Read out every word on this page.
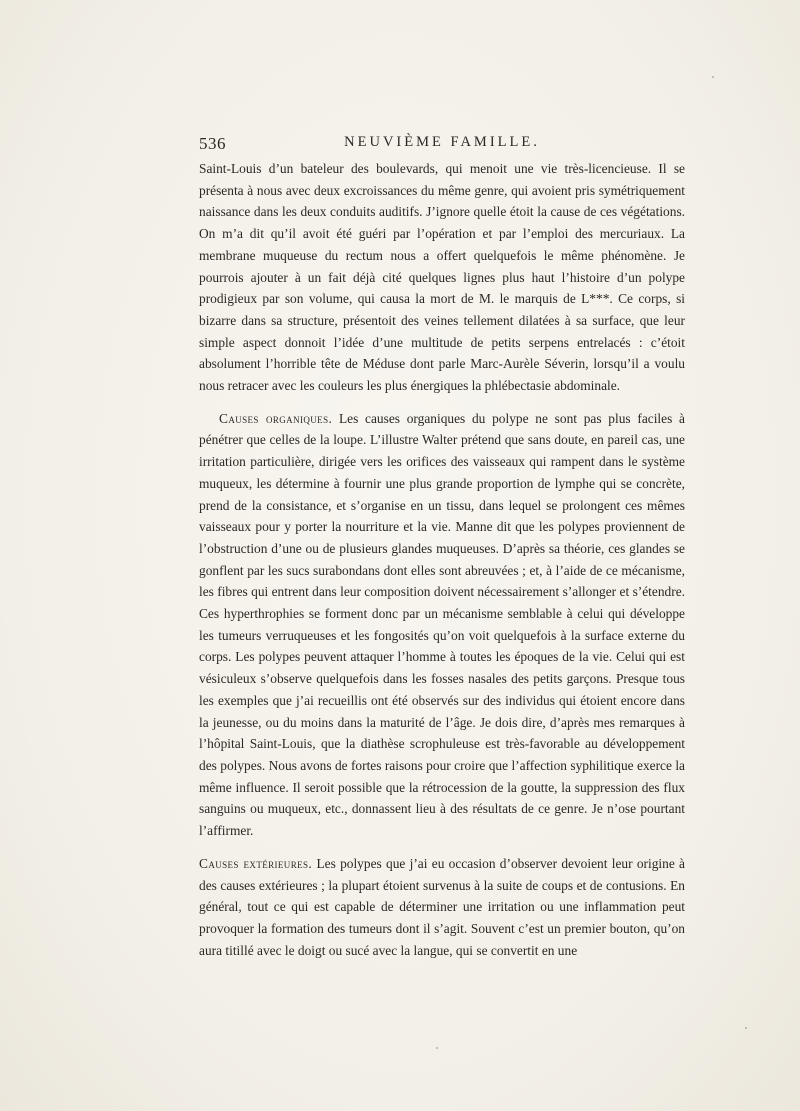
536	NEUVIÈME FAMILLE.

Saint-Louis d’un bateleur des boulevards, qui menoit une vie très-licencieuse. Il se présenta à nous avec deux excroissances du même genre, qui avoient pris symétriquement naissance dans les deux conduits auditifs. J’ignore quelle étoit la cause de ces végétations. On m’a dit qu’il avoit été guéri par l’opération et par l’emploi des mercuriaux. La membrane muqueuse du rectum nous a offert quelquefois le même phénomène. Je pourrois ajouter à un fait déjà cité quelques lignes plus haut l’histoire d’un polype prodigieux par son volume, qui causa la mort de M. le marquis de L***. Ce corps, si bizarre dans sa structure, présentoit des veines tellement dilatées à sa surface, que leur simple aspect donnoit l’idée d’une multitude de petits serpens entrelacés : c’étoit absolument l’horrible tête de Méduse dont parle Marc-Aurèle Séverin, lorsqu’il a voulu nous retracer avec les couleurs les plus énergiques la phlébectasie abdominale.

Causes organiques. Les causes organiques du polype ne sont pas plus faciles à pénétrer que celles de la loupe. L’illustre Walter prétend que sans doute, en pareil cas, une irritation particulière, dirigée vers les orifices des vaisseaux qui rampent dans le système muqueux, les détermine à fournir une plus grande proportion de lymphe qui se concrète, prend de la consistance, et s’organise en un tissu, dans lequel se prolongent ces mêmes vaisseaux pour y porter la nourriture et la vie. Manne dit que les polypes proviennent de l’obstruction d’une ou de plusieurs glandes muqueuses. D’après sa théorie, ces glandes se gonflent par les sucs surabondans dont elles sont abreuvées ; et, à l’aide de ce mécanisme, les fibres qui entrent dans leur composition doivent nécessairement s’allonger et s’étendre. Ces hyperthrophies se forment donc par un mécanisme semblable à celui qui développe les tumeurs verruqueuses et les fongosités qu’on voit quelquefois à la surface externe du corps. Les polypes peuvent attaquer l’homme à toutes les époques de la vie. Celui qui est vésiculeux s’observe quelquefois dans les fosses nasales des petits garçons. Presque tous les exemples que j’ai recueillis ont été observés sur des individus qui étoient encore dans la jeunesse, ou du moins dans la maturité de l’âge. Je dois dire, d’après mes remarques à l’hôpital Saint-Louis, que la diathèse scrophuleuse est très-favorable au développement des polypes. Nous avons de fortes raisons pour croire que l’affection syphilitique exerce la même influence. Il seroit possible que la rétrocession de la goutte, la suppression des flux sanguins ou muqueux, etc., donnassent lieu à des résultats de ce genre. Je n’ose pourtant l’affirmer.

Causes extérieures. Les polypes que j’ai eu occasion d’observer devoient leur origine à des causes extérieures ; la plupart étoient survenus à la suite de coups et de contusions. En général, tout ce qui est capable de déterminer une irritation ou une inflammation peut provoquer la formation des tumeurs dont il s’agit. Souvent c’est un premier bouton, qu’on aura titillé avec le doigt ou sucé avec la langue, qui se convertit en une
